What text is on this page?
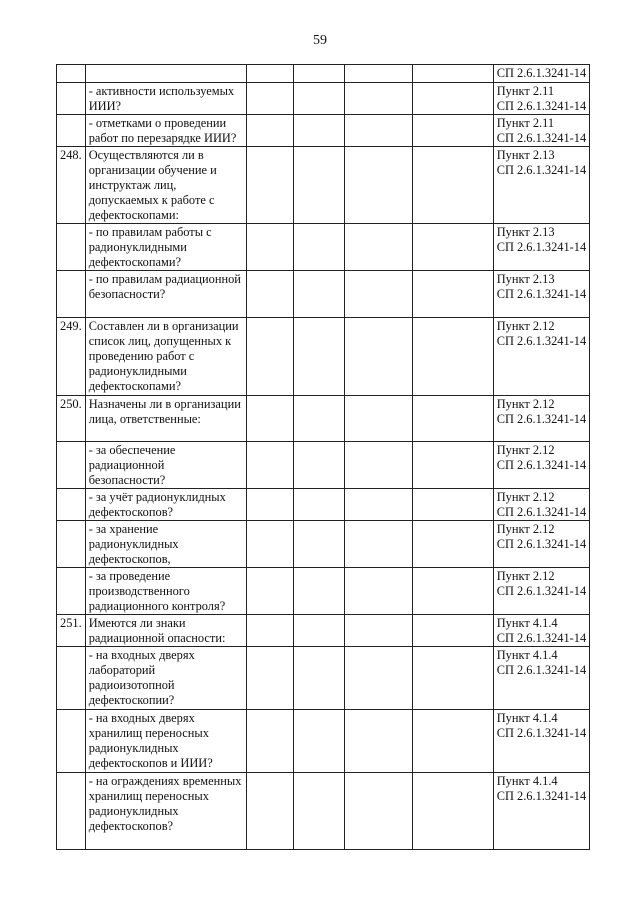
59

						СП 2.6.1.3241-14

	- активности используемых ИИИ?					Пункт 2.11
СП 2.6.1.3241-14

	- отметками о проведении работ по перезарядке ИИИ?					Пункт 2.11
СП 2.6.1.3241-14

248.	Осуществляются ли в организации обучение и инструктаж лиц, допускаемых к работе с дефектоскопами:					Пункт 2.13
СП 2.6.1.3241-14

	- по правилам работы с радионуклидными дефектоскопами?					Пункт 2.13
СП 2.6.1.3241-14

	- по правилам радиационной безопасности?					Пункт 2.13
СП 2.6.1.3241-14

249.	Составлен ли в организации список лиц, допущенных к проведению работ с радионуклидными дефектоскопами?					Пункт 2.12
СП 2.6.1.3241-14

250.	Назначены ли в организации лица, ответственные:					Пункт 2.12
СП 2.6.1.3241-14

	- за обеспечение радиационной безопасности?					Пункт 2.12
СП 2.6.1.3241-14

	- за учёт радионуклидных дефектоскопов?					Пункт 2.12
СП 2.6.1.3241-14

	- за хранение радионуклидных дефектоскопов,					Пункт 2.12
СП 2.6.1.3241-14

	- за проведение производственного радиационного контроля?					Пункт 2.12
СП 2.6.1.3241-14

251.	Имеются ли знаки радиационной опасности:					Пункт 4.1.4
СП 2.6.1.3241-14

	- на входных дверях лабораторий радиоизотопной дефектоскопии?					Пункт 4.1.4
СП 2.6.1.3241-14

	- на входных дверях хранилищ переносных радионуклидных дефектоскопов и ИИИ?					Пункт 4.1.4
СП 2.6.1.3241-14

	- на ограждениях временных хранилищ переносных радионуклидных дефектоскопов?					Пункт 4.1.4
СП 2.6.1.3241-14
